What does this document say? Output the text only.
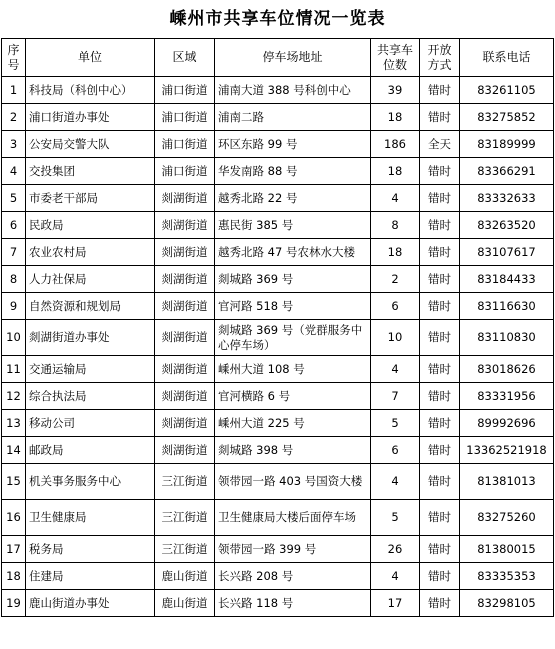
嵊州市共享车位情况一览表
序号	单位	区域	停车场地址	共享车位数	开放方式	联系电话
1	科技局（科创中心）	浦口街道	浦南大道 388 号科创中心	39	错时	83261105
2	浦口街道办事处	浦口街道	浦南二路	18	错时	83275852
3	公安局交警大队	浦口街道	环区东路 99 号	186	全天	83189999
4	交投集团	浦口街道	华发南路 88 号	18	错时	83366291
5	市委老干部局	剡湖街道	越秀北路 22 号	4	错时	83332633
6	民政局	剡湖街道	惠民街 385 号	8	错时	83263520
7	农业农村局	剡湖街道	越秀北路 47 号农林水大楼	18	错时	83107617
8	人力社保局	剡湖街道	剡城路 369 号	2	错时	83184433
9	自然资源和规划局	剡湖街道	官河路 518 号	6	错时	83116630
10	剡湖街道办事处	剡湖街道	剡城路 369 号（党群服务中心停车场）	10	错时	83110830
11	交通运输局	剡湖街道	嵊州大道 108 号	4	错时	83018626
12	综合执法局	剡湖街道	官河横路 6 号	7	错时	83331956
13	移动公司	剡湖街道	嵊州大道 225 号	5	错时	89992696
14	邮政局	剡湖街道	剡城路 398 号	6	错时	13362521918
15	机关事务服务中心	三江街道	领带园一路 403 号国资大楼	4	错时	81381013
16	卫生健康局	三江街道	卫生健康局大楼后面停车场	5	错时	83275260
17	税务局	三江街道	领带园一路 399 号	26	错时	81380015
18	住建局	鹿山街道	长兴路 208 号	4	错时	83335353
19	鹿山街道办事处	鹿山街道	长兴路 118 号	17	错时	83298105
